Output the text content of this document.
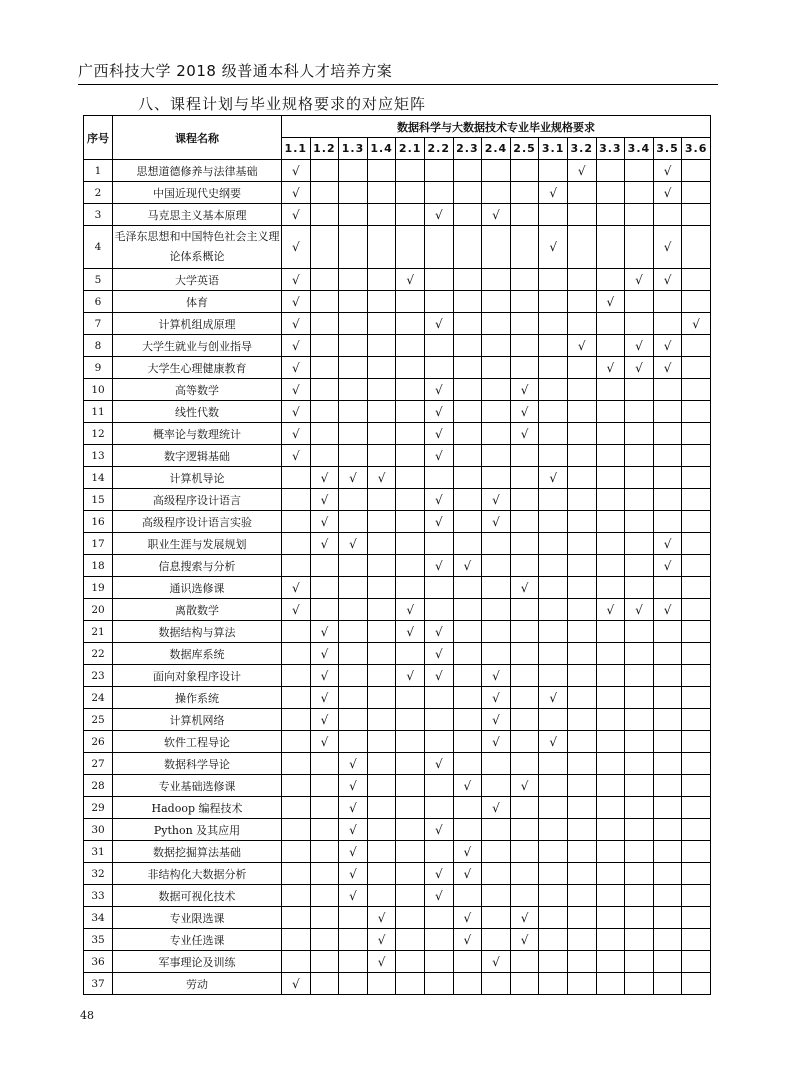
广西科技大学 2018 级普通本科人才培养方案
八、课程计划与毕业规格要求的对应矩阵
序号	课程名称	数据科学与大数据技术专业毕业规格要求														
		1.1	1.2	1.3	1.4	2.1	2.2	2.3	2.4	2.5	3.1	3.2	3.3	3.4	3.5	3.6
1	思想道德修养与法律基础	√										√			√	
2	中国近现代史纲要	√									√				√	
3	马克思主义基本原理	√					√		√							
4	毛泽东思想和中国特色社会主义理论体系概论	√									√				√	
5	大学英语	√				√								√	√	
6	体育	√											√			
7	计算机组成原理	√					√									√
8	大学生就业与创业指导	√										√		√	√	
9	大学生心理健康教育	√											√	√	√	
10	高等数学	√					√			√						
11	线性代数	√					√			√						
12	概率论与数理统计	√					√			√						
13	数字逻辑基础	√					√									
14	计算机导论		√	√	√						√					
15	高级程序设计语言		√				√		√							
16	高级程序设计语言实验		√				√		√							
17	职业生涯与发展规划		√	√											√	
18	信息搜索与分析						√	√							√	
19	通识选修课	√								√						
20	离散数学	√				√							√	√	√	
21	数据结构与算法		√			√	√									
22	数据库系统		√				√									
23	面向对象程序设计		√			√	√		√							
24	操作系统		√						√		√					
25	计算机网络		√						√							
26	软件工程导论		√						√		√					
27	数据科学导论			√			√									
28	专业基础选修课			√				√		√						
29	Hadoop 编程技术			√					√							
30	Python 及其应用			√			√									
31	数据挖掘算法基础			√				√								
32	非结构化大数据分析			√			√	√								
33	数据可视化技术			√			√									
34	专业限选课				√			√		√						
35	专业任选课				√			√		√						
36	军事理论及训练				√				√							
37	劳动	√														
48
